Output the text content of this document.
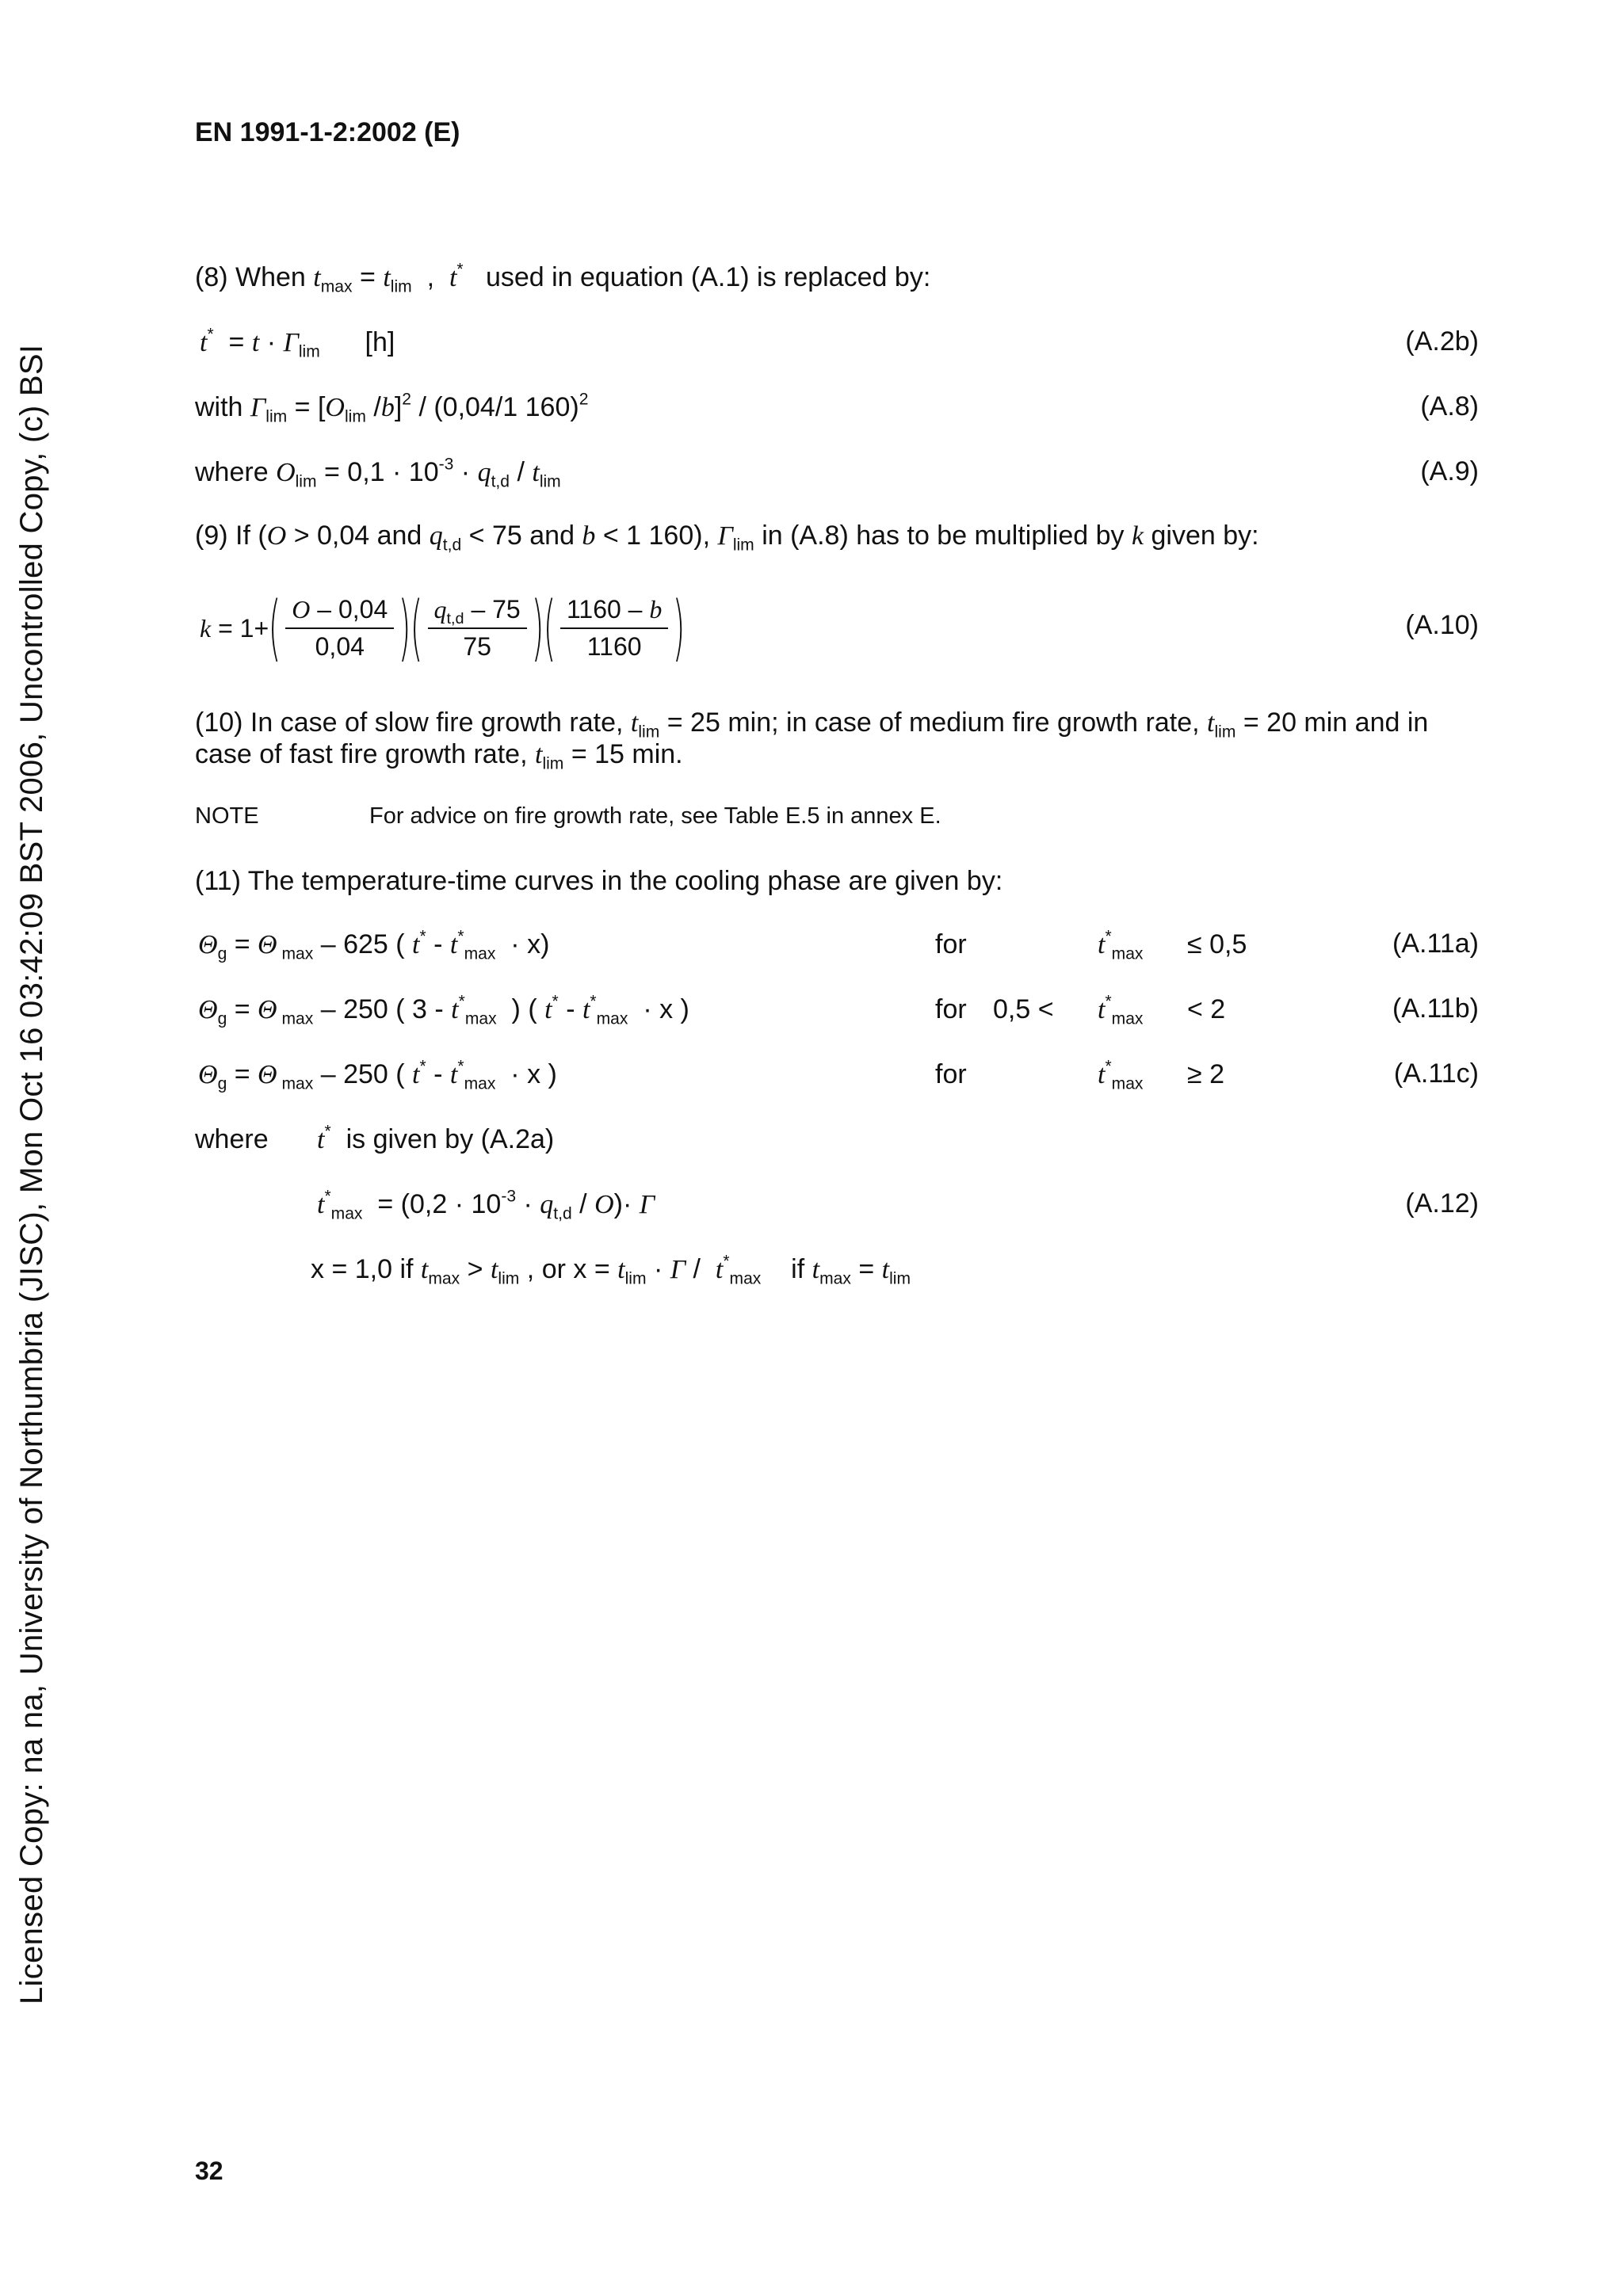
EN 1991-1-2:2002 (E)
Licensed Copy: na na, University of Northumbria (JISC), Mon Oct 16 03:42:09 BST 2006, Uncontrolled Copy, (c) BSI
(8) When $t_{max} = t_{lim}$  ,  t* used in equation (A.1) is replaced by:
$t^* = t \cdot \Gamma_{lim}$ [h]	(A.2b)
with $\Gamma_{lim} = [O_{lim}$ /b]$^2$ / (0,04/1 160)$^2$	(A.8)
where $O_{lim} = 0,1 \cdot 10^{-3} \cdot q_{t,d} / t_{lim}$	(A.9)
(9) If (O > 0,04 and $q_{t,d} < 75$ and b < 1 160), $\Gamma_{lim}$ in (A.8) has to be multiplied by k given by:
k = 1+ ( $\frac{O - 0,04}{0,04}$ ) ( $\frac{q_{t,d} - 75}{75}$ ) ( $\frac{1160 - b}{1160}$ )	(A.10)
(10) In case of slow fire growth rate, $t_{lim} = 25$ min; in case of medium fire growth rate, $t_{lim} = 20$ min and in
case of fast fire growth rate, $t_{lim} = 15$ min.
NOTE	For advice on fire growth rate, see Table E.5 in annex E.
(11) The temperature-time curves in the cooling phase are given by:
$\Theta_g = \Theta$ $_{max}$ – 625 ( $t^* - t^*_{max} \cdot x$)	for	$t^*_{max} \le 0,5$	(A.11a)
$\Theta_g = \Theta$ $_{max}$ – 250 ( $3 - t^*_{max}$  ) ( $t^* - t^*_{max} \cdot x$ )	for $0,5 < t^*_{max} < 2$	(A.11b)
$\Theta_g = \Theta$ $_{max}$ – 250 ( $t^* - t^*_{max} \cdot x$ )	for	$t^*_{max} \ge 2$	(A.11c)
where t* is given by (A.2a)
$t^*_{max} = (0,2 \cdot 10^{-3} \cdot q_{t,d} / O)\cdot \Gamma$	(A.12)
x = 1,0 if $t_{max} > t_{lim}$ , or $x = t_{lim} \cdot \Gamma / t^*_{max}$ if $t_{max} = t_{lim}$
32
